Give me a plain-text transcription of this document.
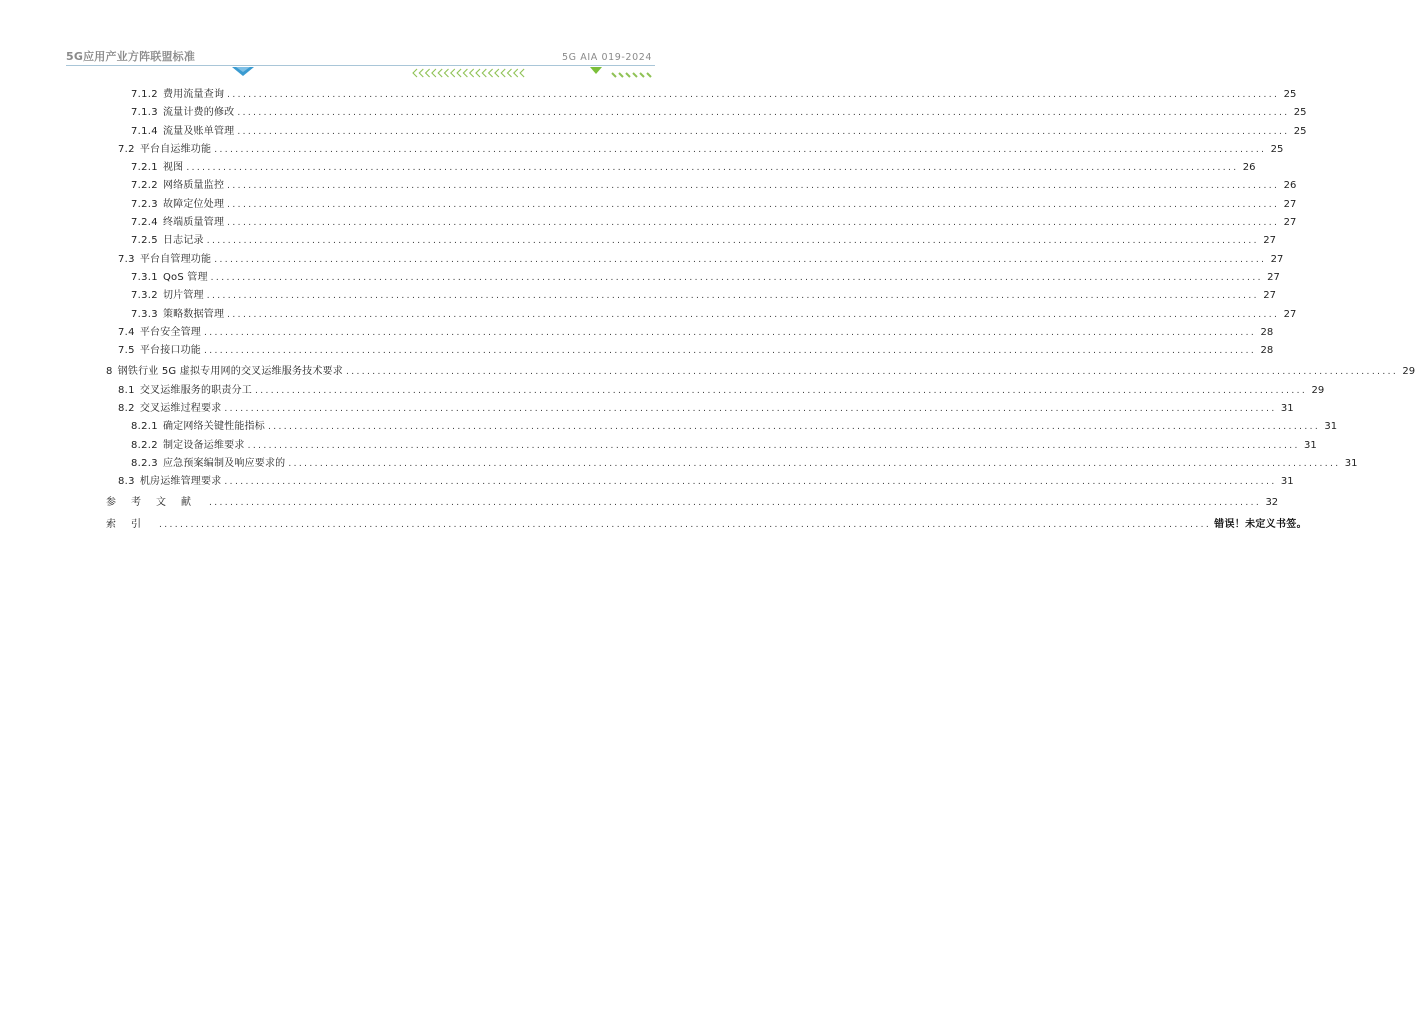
5G应用产业方阵联盟标准	5G AIA 019-2024
7.1.2 费用流量查询 ........................................................................................................................................................................................................ 25
7.1.3 流量计费的修改 ........................................................................................................................................................................................................ 25
7.1.4 流量及账单管理 ........................................................................................................................................................................................................ 25
7.2 平台自运维功能 ........................................................................................................................................................................................................ 25
7.2.1 视图 ........................................................................................................................................................................................................ 26
7.2.2 网络质量监控 ........................................................................................................................................................................................................ 26
7.2.3 故障定位处理 ........................................................................................................................................................................................................ 27
7.2.4 终端质量管理 ........................................................................................................................................................................................................ 27
7.2.5 日志记录 ........................................................................................................................................................................................................ 27
7.3 平台自管理功能 ........................................................................................................................................................................................................ 27
7.3.1 QoS 管理 ........................................................................................................................................................................................................ 27
7.3.2 切片管理 ........................................................................................................................................................................................................ 27
7.3.3 策略数据管理 ........................................................................................................................................................................................................ 27
7.4 平台安全管理 ........................................................................................................................................................................................................ 28
7.5 平台接口功能 ........................................................................................................................................................................................................ 28
8 钢铁行业 5G 虚拟专用网的交叉运维服务技术要求 ........................................................................................................................................................................................................ 29
8.1 交叉运维服务的职责分工 ........................................................................................................................................................................................................ 29
8.2 交叉运维过程要求 ........................................................................................................................................................................................................ 31
8.2.1 确定网络关键性能指标 ........................................................................................................................................................................................................ 31
8.2.2 制定设备运维要求 ........................................................................................................................................................................................................ 31
8.2.3 应急预案编制及响应要求的 ........................................................................................................................................................................................................ 31
8.3 机房运维管理要求 ........................................................................................................................................................................................................ 31
参考文献 ........................................................................................................................................................................................................ 32
索引 ........................................................................................................................................................................................................ 错误！未定义书签。
